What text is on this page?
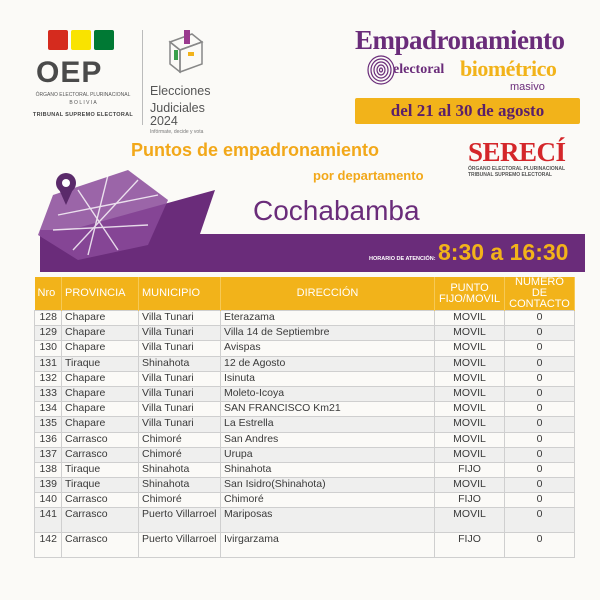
OEP
ÓRGANO ELECTORAL PLURINACIONAL
B O L I V I A
TRIBUNAL SUPREMO ELECTORAL
Elecciones
Judiciales 2024
Infórmate, decide y vota
Empadronamiento
electoral biométrico
masivo
del 21 al 30 de agosto
Puntos de empadronamiento
por departamento
SERECÍ
ÓRGANO ELECTORAL PLURINACIONAL
TRIBUNAL SUPREMO ELECTORAL
Cochabamba
HORARIO DE ATENCIÓN: 8:30 a 16:30
Nro	PROVINCIA	MUNICIPIO	DIRECCIÓN	PUNTO FIJO/MOVIL	NÚMERO DE CONTACTO
128	Chapare	Villa Tunari	Eterazama	MOVIL	0
129	Chapare	Villa Tunari	Villa 14 de Septiembre	MOVIL	0
130	Chapare	Villa Tunari	Avispas	MOVIL	0
131	Tiraque	Shinahota	12 de Agosto	MOVIL	0
132	Chapare	Villa Tunari	Isinuta	MOVIL	0
133	Chapare	Villa Tunari	Moleto-Icoya	MOVIL	0
134	Chapare	Villa Tunari	SAN FRANCISCO Km21	MOVIL	0
135	Chapare	Villa Tunari	La Estrella	MOVIL	0
136	Carrasco	Chimoré	San Andres	MOVIL	0
137	Carrasco	Chimoré	Urupa	MOVIL	0
138	Tiraque	Shinahota	Shinahota	FIJO	0
139	Tiraque	Shinahota	San Isidro(Shinahota)	MOVIL	0
140	Carrasco	Chimoré	Chimoré	FIJO	0
141	Carrasco	Puerto Villarroel	Mariposas	MOVIL	0
142	Carrasco	Puerto Villarroel	Ivirgarzama	FIJO	0
